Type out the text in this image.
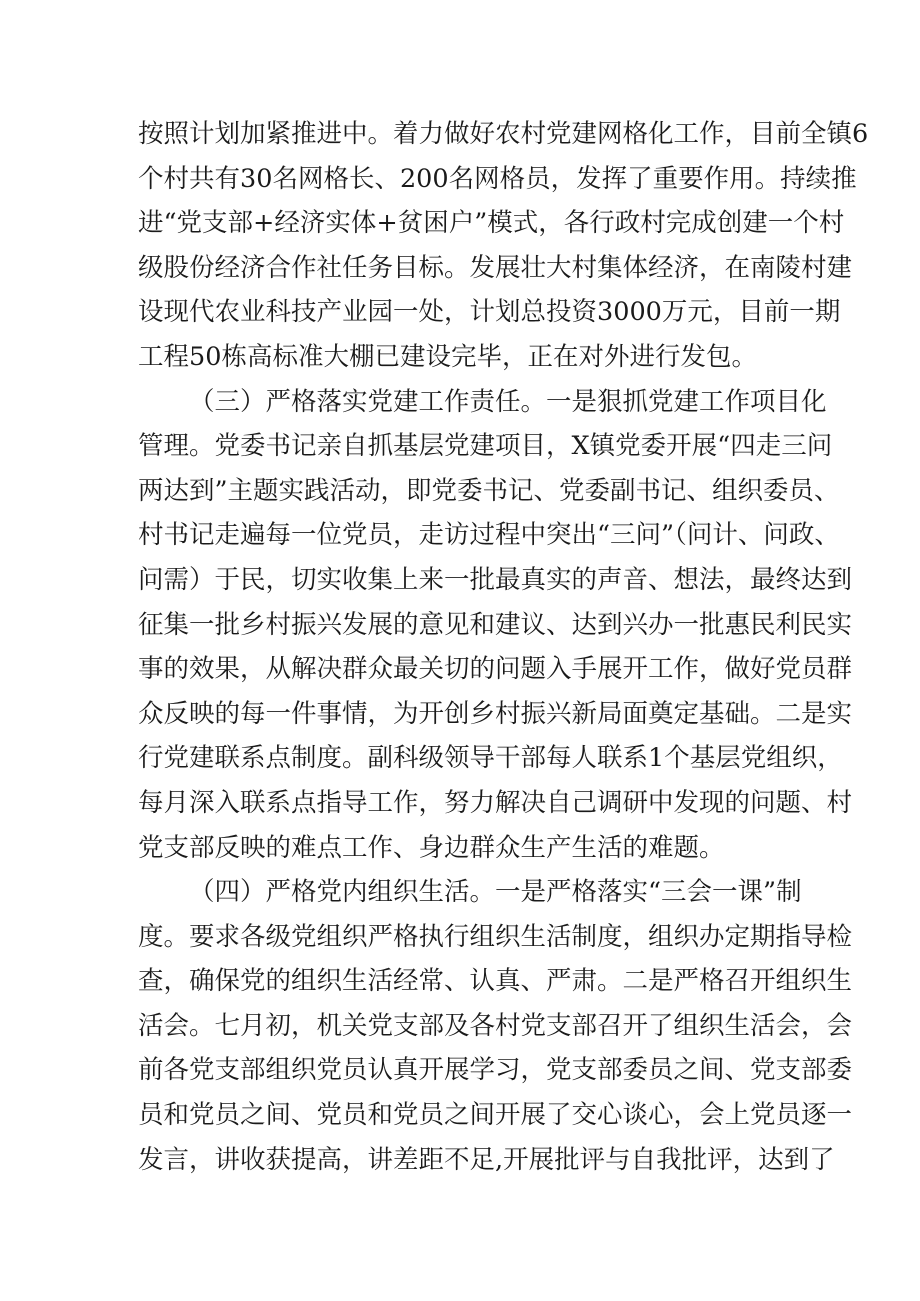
按照计划加紧推进中。着力做好农村党建网格化工作，目前全镇6
个村共有30名网格长、200名网格员，发挥了重要作用。持续推
进“党支部+经济实体+贫困户”模式，各行政村完成创建一个村
级股份经济合作社任务目标。发展壮大村集体经济，在南陵村建
设现代农业科技产业园一处，计划总投资3000万元，目前一期
工程50栋高标准大棚已建设完毕，正在对外进行发包。
（三）严格落实党建工作责任。一是狠抓党建工作项目化
管理。党委书记亲自抓基层党建项目，X镇党委开展“四走三问
两达到”主题实践活动，即党委书记、党委副书记、组织委员、
村书记走遍每一位党员，走访过程中突出“三问”（问计、问政、
问需）于民，切实收集上来一批最真实的声音、想法，最终达到
征集一批乡村振兴发展的意见和建议、达到兴办一批惠民利民实
事的效果，从解决群众最关切的问题入手展开工作，做好党员群
众反映的每一件事情，为开创乡村振兴新局面奠定基础。二是实
行党建联系点制度。副科级领导干部每人联系1个基层党组织，
每月深入联系点指导工作，努力解决自己调研中发现的问题、村
党支部反映的难点工作、身边群众生产生活的难题。
（四）严格党内组织生活。一是严格落实“三会一课”制
度。要求各级党组织严格执行组织生活制度，组织办定期指导检
查，确保党的组织生活经常、认真、严肃。二是严格召开组织生
活会。七月初，机关党支部及各村党支部召开了组织生活会，会
前各党支部组织党员认真开展学习，党支部委员之间、党支部委
员和党员之间、党员和党员之间开展了交心谈心，会上党员逐一
发言，讲收获提高，讲差距不足,开展批评与自我批评，达到了
